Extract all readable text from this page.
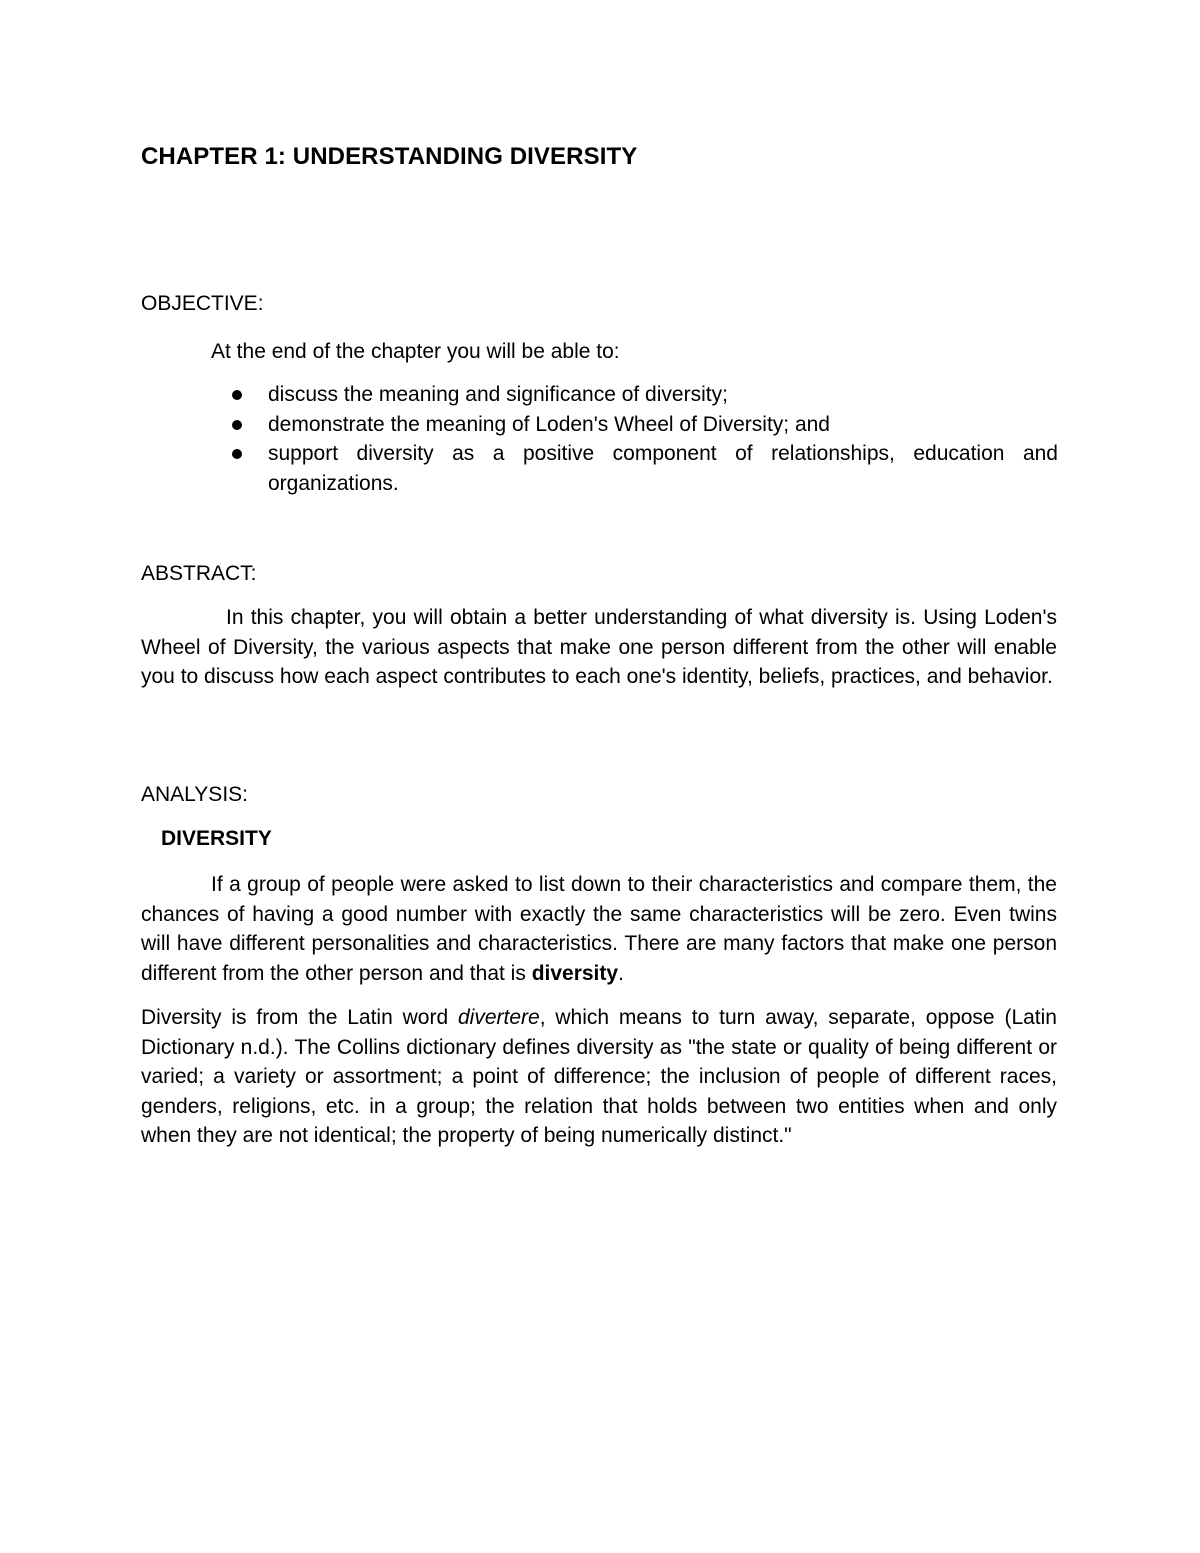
CHAPTER 1: UNDERSTANDING DIVERSITY
OBJECTIVE:
At the end of the chapter you will be able to:
discuss the meaning and significance of diversity;
demonstrate the meaning of Loden's Wheel of Diversity; and
support diversity as a positive component of relationships, education and organizations.
ABSTRACT:
In this chapter, you will obtain a better understanding of what diversity is. Using Loden's Wheel of Diversity, the various aspects that make one person different from the other will enable you to discuss how each aspect contributes to each one's identity, beliefs, practices, and behavior.
ANALYSIS:
DIVERSITY
If a group of people were asked to list down to their characteristics and compare them, the chances of having a good number with exactly the same characteristics will be zero. Even twins will have different personalities and characteristics. There are many factors that make one person different from the other person and that is diversity.
Diversity is from the Latin word divertere, which means to turn away, separate, oppose (Latin Dictionary n.d.). The Collins dictionary defines diversity as "the state or quality of being different or varied; a variety or assortment; a point of difference; the inclusion of people of different races, genders, religions, etc. in a group; the relation that holds between two entities when and only when they are not identical; the property of being numerically distinct."
